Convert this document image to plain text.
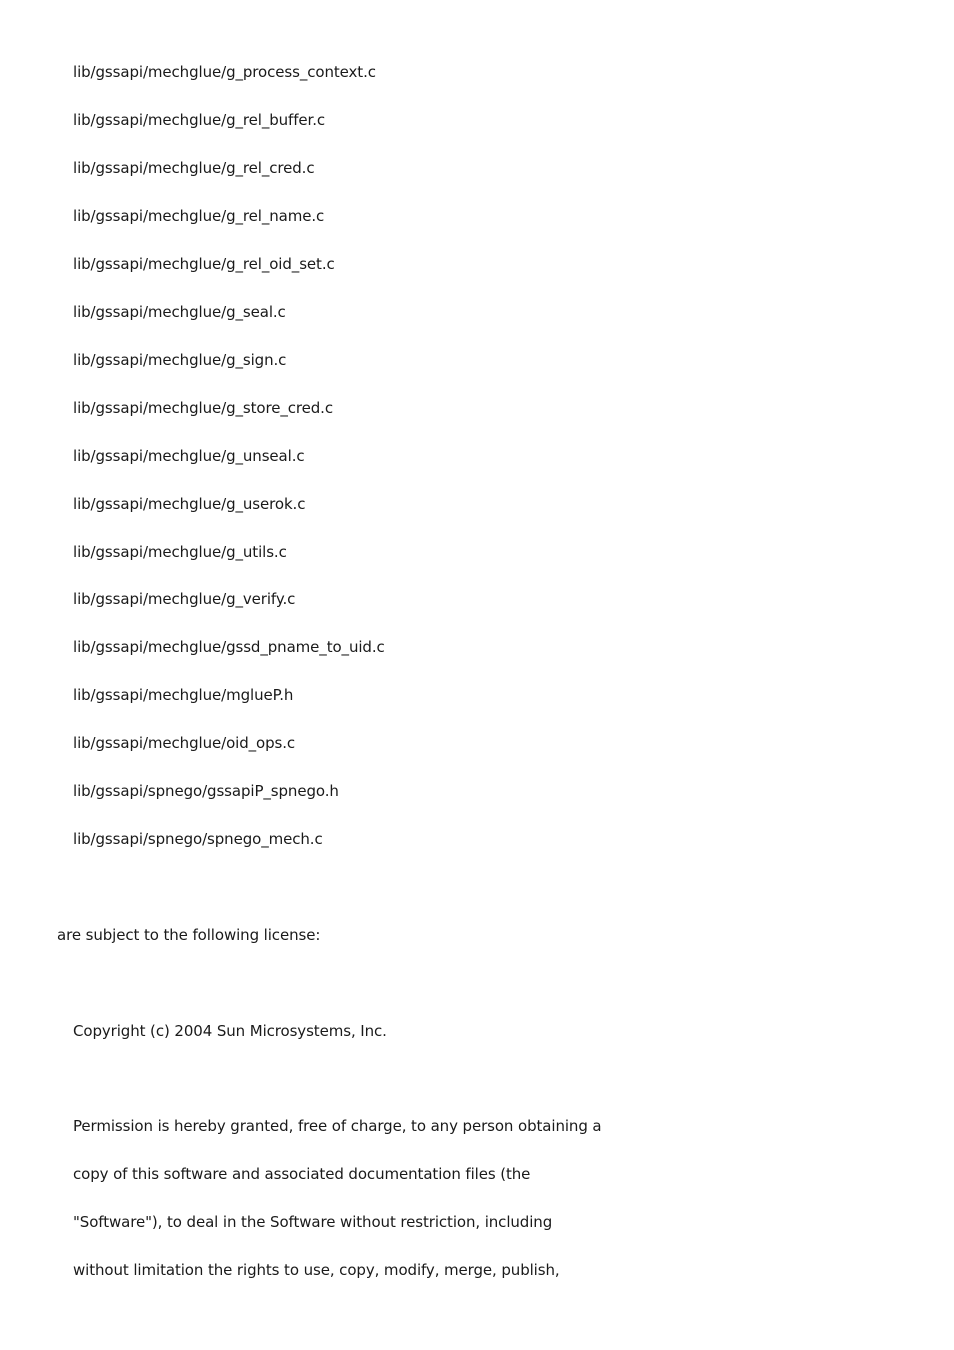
lib/gssapi/mechglue/g_process_context.c
lib/gssapi/mechglue/g_rel_buffer.c
lib/gssapi/mechglue/g_rel_cred.c
lib/gssapi/mechglue/g_rel_name.c
lib/gssapi/mechglue/g_rel_oid_set.c
lib/gssapi/mechglue/g_seal.c
lib/gssapi/mechglue/g_sign.c
lib/gssapi/mechglue/g_store_cred.c
lib/gssapi/mechglue/g_unseal.c
lib/gssapi/mechglue/g_userok.c
lib/gssapi/mechglue/g_utils.c
lib/gssapi/mechglue/g_verify.c
lib/gssapi/mechglue/gssd_pname_to_uid.c
lib/gssapi/mechglue/mglueP.h
lib/gssapi/mechglue/oid_ops.c
lib/gssapi/spnego/gssapiP_spnego.h
lib/gssapi/spnego/spnego_mech.c
are subject to the following license:
Copyright (c) 2004 Sun Microsystems, Inc.
Permission is hereby granted, free of charge, to any person obtaining a
copy of this software and associated documentation files (the
"Software"), to deal in the Software without restriction, including
without limitation the rights to use, copy, modify, merge, publish,
